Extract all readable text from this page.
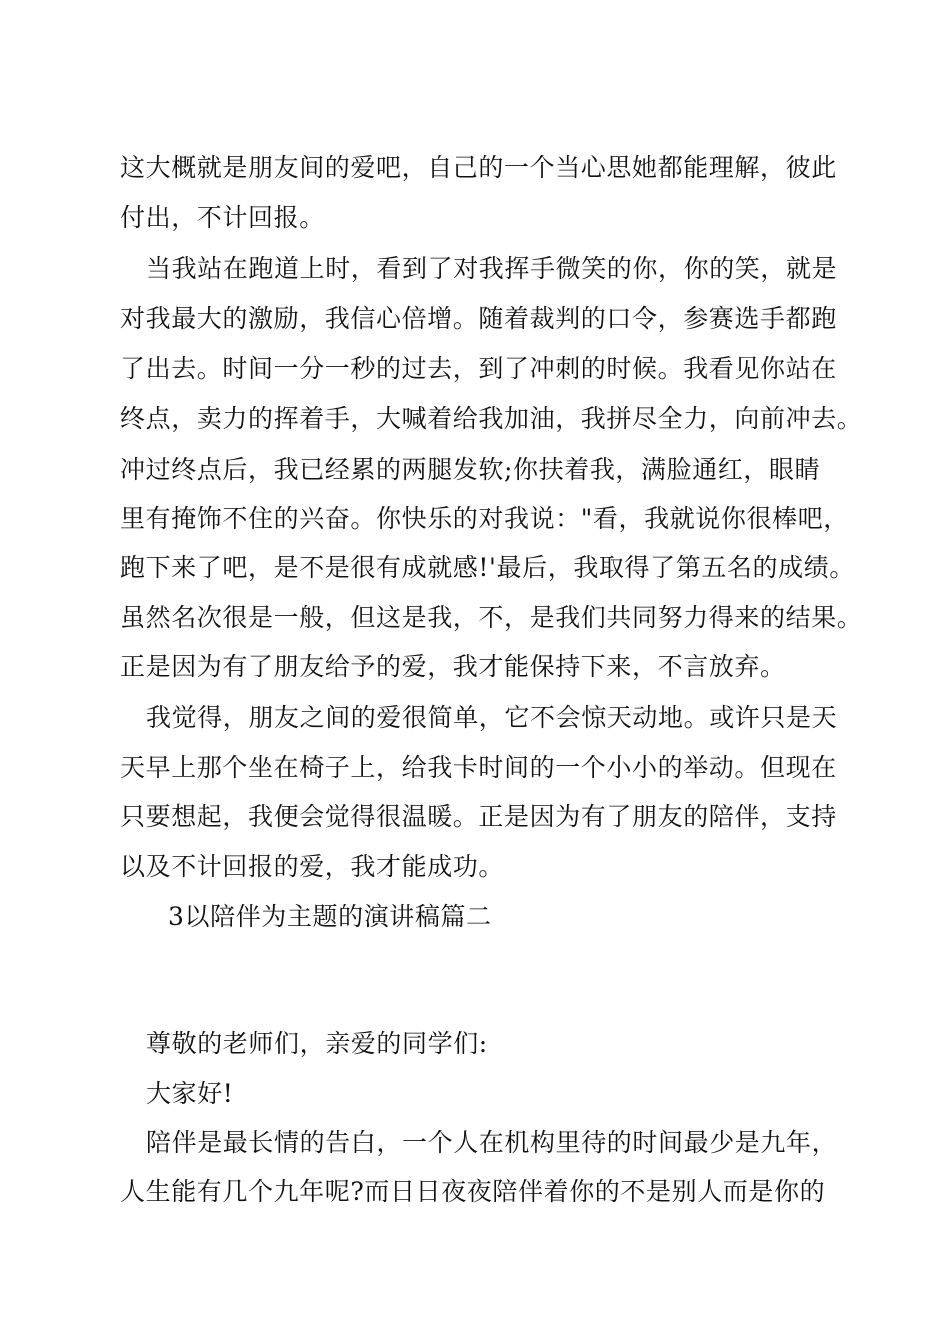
这大概就是朋友间的爱吧，自己的一个当心思她都能理解，彼此
付出，不计回报。
当我站在跑道上时，看到了对我挥手微笑的你，你的笑，就是
对我最大的激励，我信心倍增。随着裁判的口令，参赛选手都跑
了出去。时间一分一秒的过去，到了冲刺的时候。我看见你站在
终点，卖力的挥着手，大喊着给我加油，我拼尽全力，向前冲去。
冲过终点后，我已经累的两腿发软;你扶着我，满脸通红，眼睛
里有掩饰不住的兴奋。你快乐的对我说："看，我就说你很棒吧，
跑下来了吧，是不是很有成就感!'最后，我取得了第五名的成绩。
虽然名次很是一般，但这是我，不，是我们共同努力得来的结果。
正是因为有了朋友给予的爱，我才能保持下来，不言放弃。
我觉得，朋友之间的爱很简单，它不会惊天动地。或许只是天
天早上那个坐在椅子上，给我卡时间的一个小小的举动。但现在
只要想起，我便会觉得很温暖。正是因为有了朋友的陪伴，支持
以及不计回报的爱，我才能成功。
3以陪伴为主题的演讲稿篇二
尊敬的老师们，亲爱的同学们:
大家好!
陪伴是最长情的告白，一个人在机构里待的时间最少是九年，
人生能有几个九年呢?而日日夜夜陪伴着你的不是别人而是你的
